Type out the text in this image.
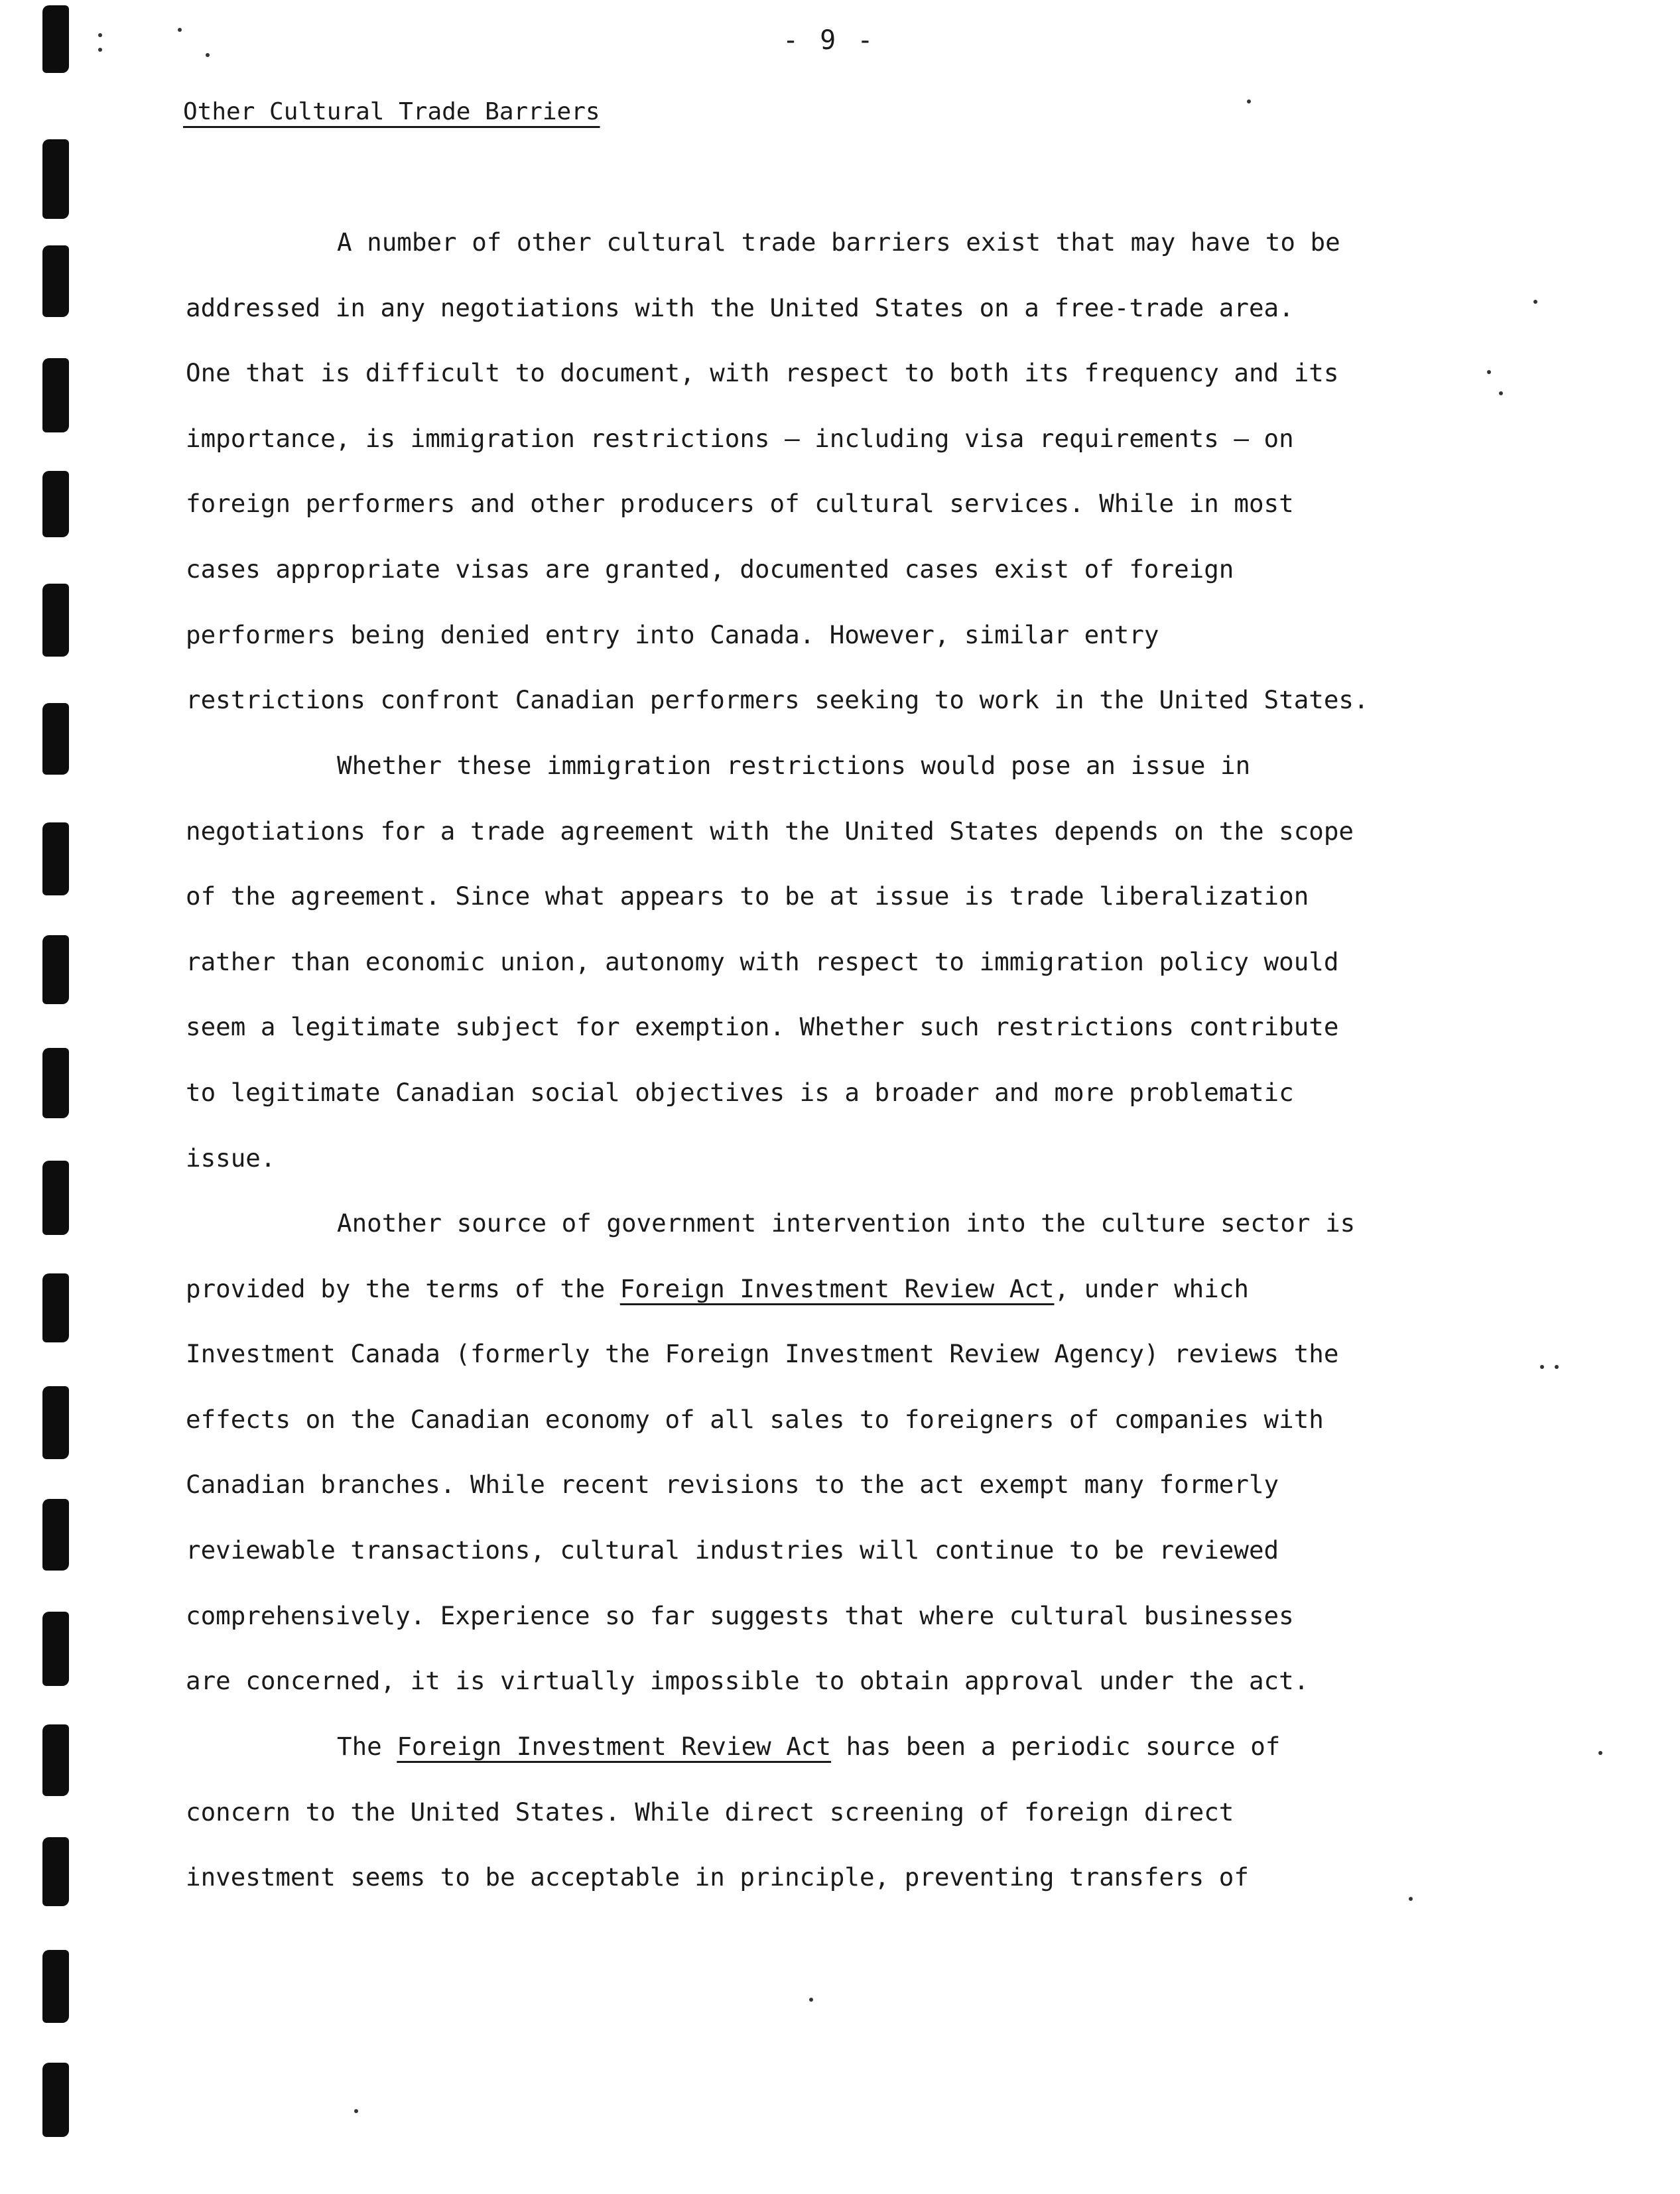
- 9 -
Other Cultural Trade Barriers
A number of other cultural trade barriers exist that may have to be
addressed in any negotiations with the United States on a free-trade area.
One that is difficult to document, with respect to both its frequency and its
importance, is immigration restrictions — including visa requirements — on
foreign performers and other producers of cultural services. While in most
cases appropriate visas are granted, documented cases exist of foreign
performers being denied entry into Canada. However, similar entry
restrictions confront Canadian performers seeking to work in the United States.
Whether these immigration restrictions would pose an issue in
negotiations for a trade agreement with the United States depends on the scope
of the agreement. Since what appears to be at issue is trade liberalization
rather than economic union, autonomy with respect to immigration policy would
seem a legitimate subject for exemption. Whether such restrictions contribute
to legitimate Canadian social objectives is a broader and more problematic
issue.
Another source of government intervention into the culture sector is
provided by the terms of the Foreign Investment Review Act, under which
Investment Canada (formerly the Foreign Investment Review Agency) reviews the
effects on the Canadian economy of all sales to foreigners of companies with
Canadian branches. While recent revisions to the act exempt many formerly
reviewable transactions, cultural industries will continue to be reviewed
comprehensively. Experience so far suggests that where cultural businesses
are concerned, it is virtually impossible to obtain approval under the act.
The Foreign Investment Review Act has been a periodic source of
concern to the United States. While direct screening of foreign direct
investment seems to be acceptable in principle, preventing transfers of
